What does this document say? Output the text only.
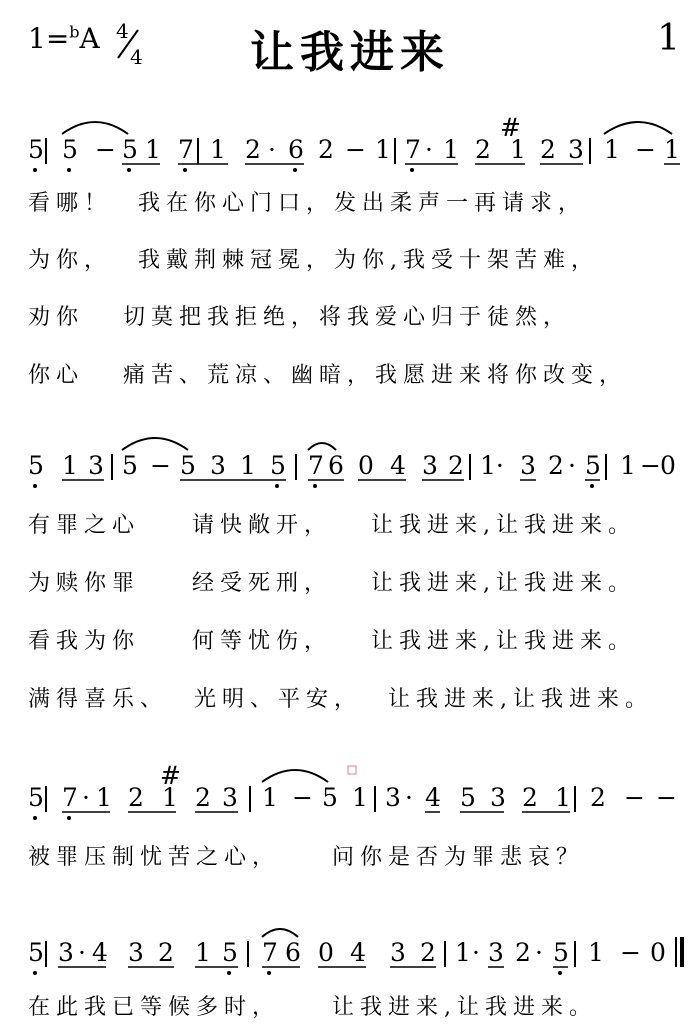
1=$^b$A 4
4	让我进来	1
5 5 − 5 1 7 1 2 · 6 2 − 1 7 · 1 2 1 2 3 1 − 1
#
看哪！  我在你心门口，发出柔声一再请求，
为你，  我戴荆棘冠冕，为你,我受十架苦难，
劝你   切莫把我拒绝，将我爱心归于徒然，
你心   痛苦、荒凉、幽暗，我愿进来将你改变，
5 1 3 5 − 5 3 1 5 7 6 0 4 3 2 1· 3 2 · 5 1 − 0
有罪之心    请快敞开，   让我进来,让我进来。
为赎你罪    经受死刑，   让我进来,让我进来。
看我为你    何等忧伤，   让我进来,让我进来。
满得喜乐、  光明、平安，  让我进来,让我进来。
5 7 · 1 2 1 2 3 1 − 5 1 3 · 4 5 3 2 1 2 − −
#
被罪压制忧苦之心，    问你是否为罪悲哀？
5 3 · 4 3 2 1 5 7 6 0 4 3 2 1 · 3 2 · 5 1 − 0
在此我已等候多时，    让我进来,让我进来。
